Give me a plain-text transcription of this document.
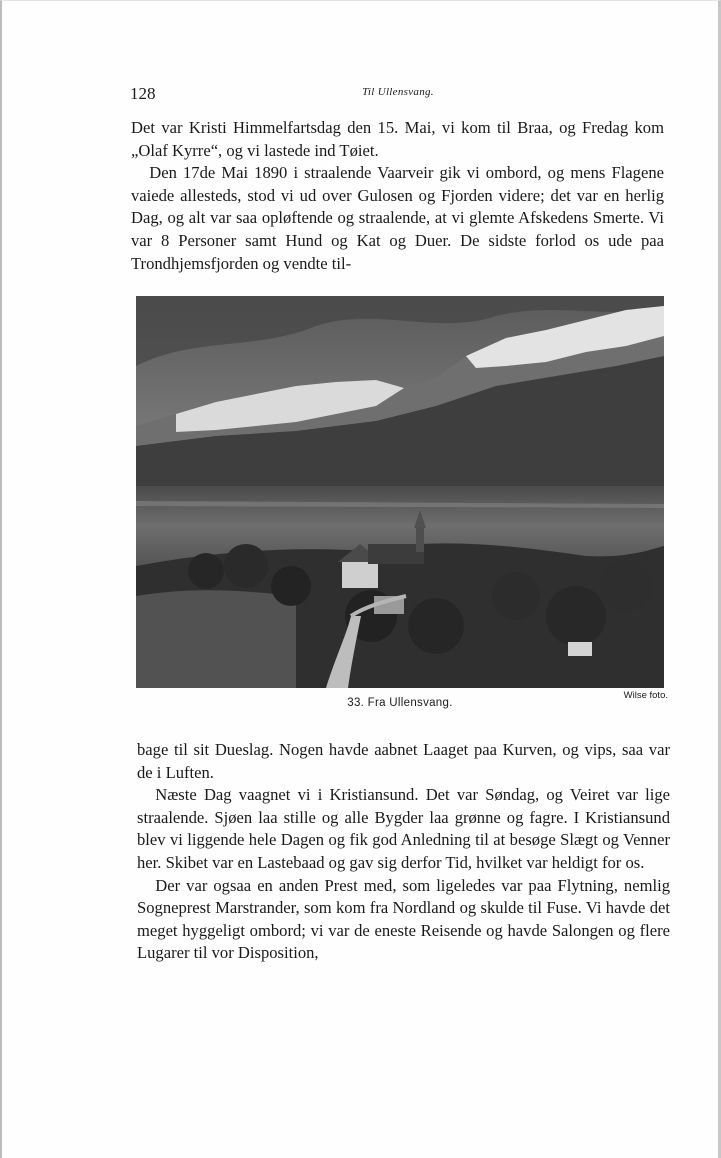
128	Til Ullensvang.

Det var Kristi Himmelfartsdag den 15. Mai, vi kom til Braa, og Fredag kom „Olaf Kyrre“, og vi lastede ind Tøiet.

Den 17de Mai 1890 i straalende Vaarveir gik vi ombord, og mens Flagene vaiede allesteds, stod vi ud over Gulosen og Fjorden videre; det var en herlig Dag, og alt var saa opløftende og straalende, at vi glemte Afskedens Smerte. Vi var 8 Personer samt Hund og Kat og Duer. De sidste forlod os ude paa Trondhjemsfjorden og vendte til-

33. Fra Ullensvang.
Wilse foto.

bage til sit Dueslag. Nogen havde aabnet Laaget paa Kurven, og vips, saa var de i Luften.

Næste Dag vaagnet vi i Kristiansund. Det var Søndag, og Veiret var lige straalende. Sjøen laa stille og alle Bygder laa grønne og fagre. I Kristiansund blev vi liggende hele Dagen og fik god Anledning til at besøge Slægt og Venner her. Skibet var en Lastebaad og gav sig derfor Tid, hvilket var heldigt for os.

Der var ogsaa en anden Prest med, som ligeledes var paa Flytning, nemlig Sogneprest Marstrander, som kom fra Nordland og skulde til Fuse. Vi havde det meget hyggeligt ombord; vi var de eneste Reisende og havde Salongen og flere Lugarer til vor Disposition,
